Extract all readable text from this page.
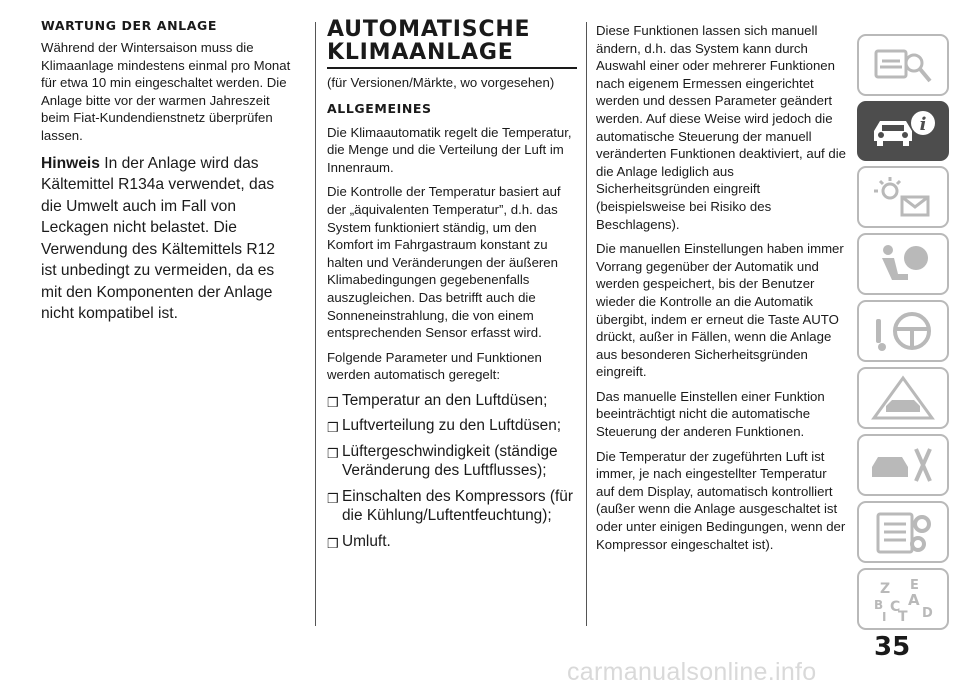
WARTUNG DER ANLAGE

Während der Wintersaison muss die Klimaanlage mindestens einmal pro Monat für etwa 10 min eingeschaltet werden. Die Anlage bitte vor der warmen Jahreszeit beim Fiat-Kundendienstnetz überprüfen lassen.

Hinweis In der Anlage wird das Kältemittel R134a verwendet, das die Umwelt auch im Fall von Leckagen nicht belastet. Die Verwendung des Kältemittels R12 ist unbedingt zu vermeiden, da es mit den Komponenten der Anlage nicht kompatibel ist.
AUTOMATISCHE
KLIMAANLAGE

(für Versionen/Märkte, wo vorgesehen)

ALLGEMEINES

Die Klimaautomatik regelt die Temperatur, die Menge und die Verteilung der Luft im Innenraum.

Die Kontrolle der Temperatur basiert auf der „äquivalenten Temperatur”, d.h. das System funktioniert ständig, um den Komfort im Fahrgastraum konstant zu halten und Veränderungen der äußeren Klimabedingungen gegebenenfalls auszugleichen. Das betrifft auch die Sonneneinstrahlung, die von einem entsprechenden Sensor erfasst wird.

Folgende Parameter und Funktionen werden automatisch geregelt:

❒ Temperatur an den Luftdüsen;
❒ Luftverteilung zu den Luftdüsen;
❒ Lüftergeschwindigkeit (ständige Veränderung des Luftflusses);
❒ Einschalten des Kompressors (für die Kühlung/Luftentfeuchtung);
❒ Umluft.

Diese Funktionen lassen sich manuell ändern, d.h. das System kann durch Auswahl einer oder mehrerer Funktionen nach eigenem Ermessen eingerichtet werden und dessen Parameter geändert werden. Auf diese Weise wird jedoch die automatische Steuerung der manuell veränderten Funktionen deaktiviert, auf die die Anlage lediglich aus Sicherheitsgründen eingreift (beispielsweise bei Risiko des Beschlagens).

Die manuellen Einstellungen haben immer Vorrang gegenüber der Automatik und werden gespeichert, bis der Benutzer wieder die Kontrolle an die Automatik übergibt, indem er erneut die Taste AUTO drückt, außer in Fällen, wenn die Anlage aus besonderen Sicherheitsgründen eingreift.

Das manuelle Einstellen einer Funktion beeinträchtigt nicht die automatische Steuerung der anderen Funktionen.

Die Temperatur der zugeführten Luft ist immer, je nach eingestellter Temperatur auf dem Display, automatisch kontrolliert (außer wenn die Anlage ausgeschaltet ist oder unter einigen Bedingungen, wenn der Kompressor eingeschaltet ist).

i
Z E
A
B C D
I T
35
carmanualsonline.info
